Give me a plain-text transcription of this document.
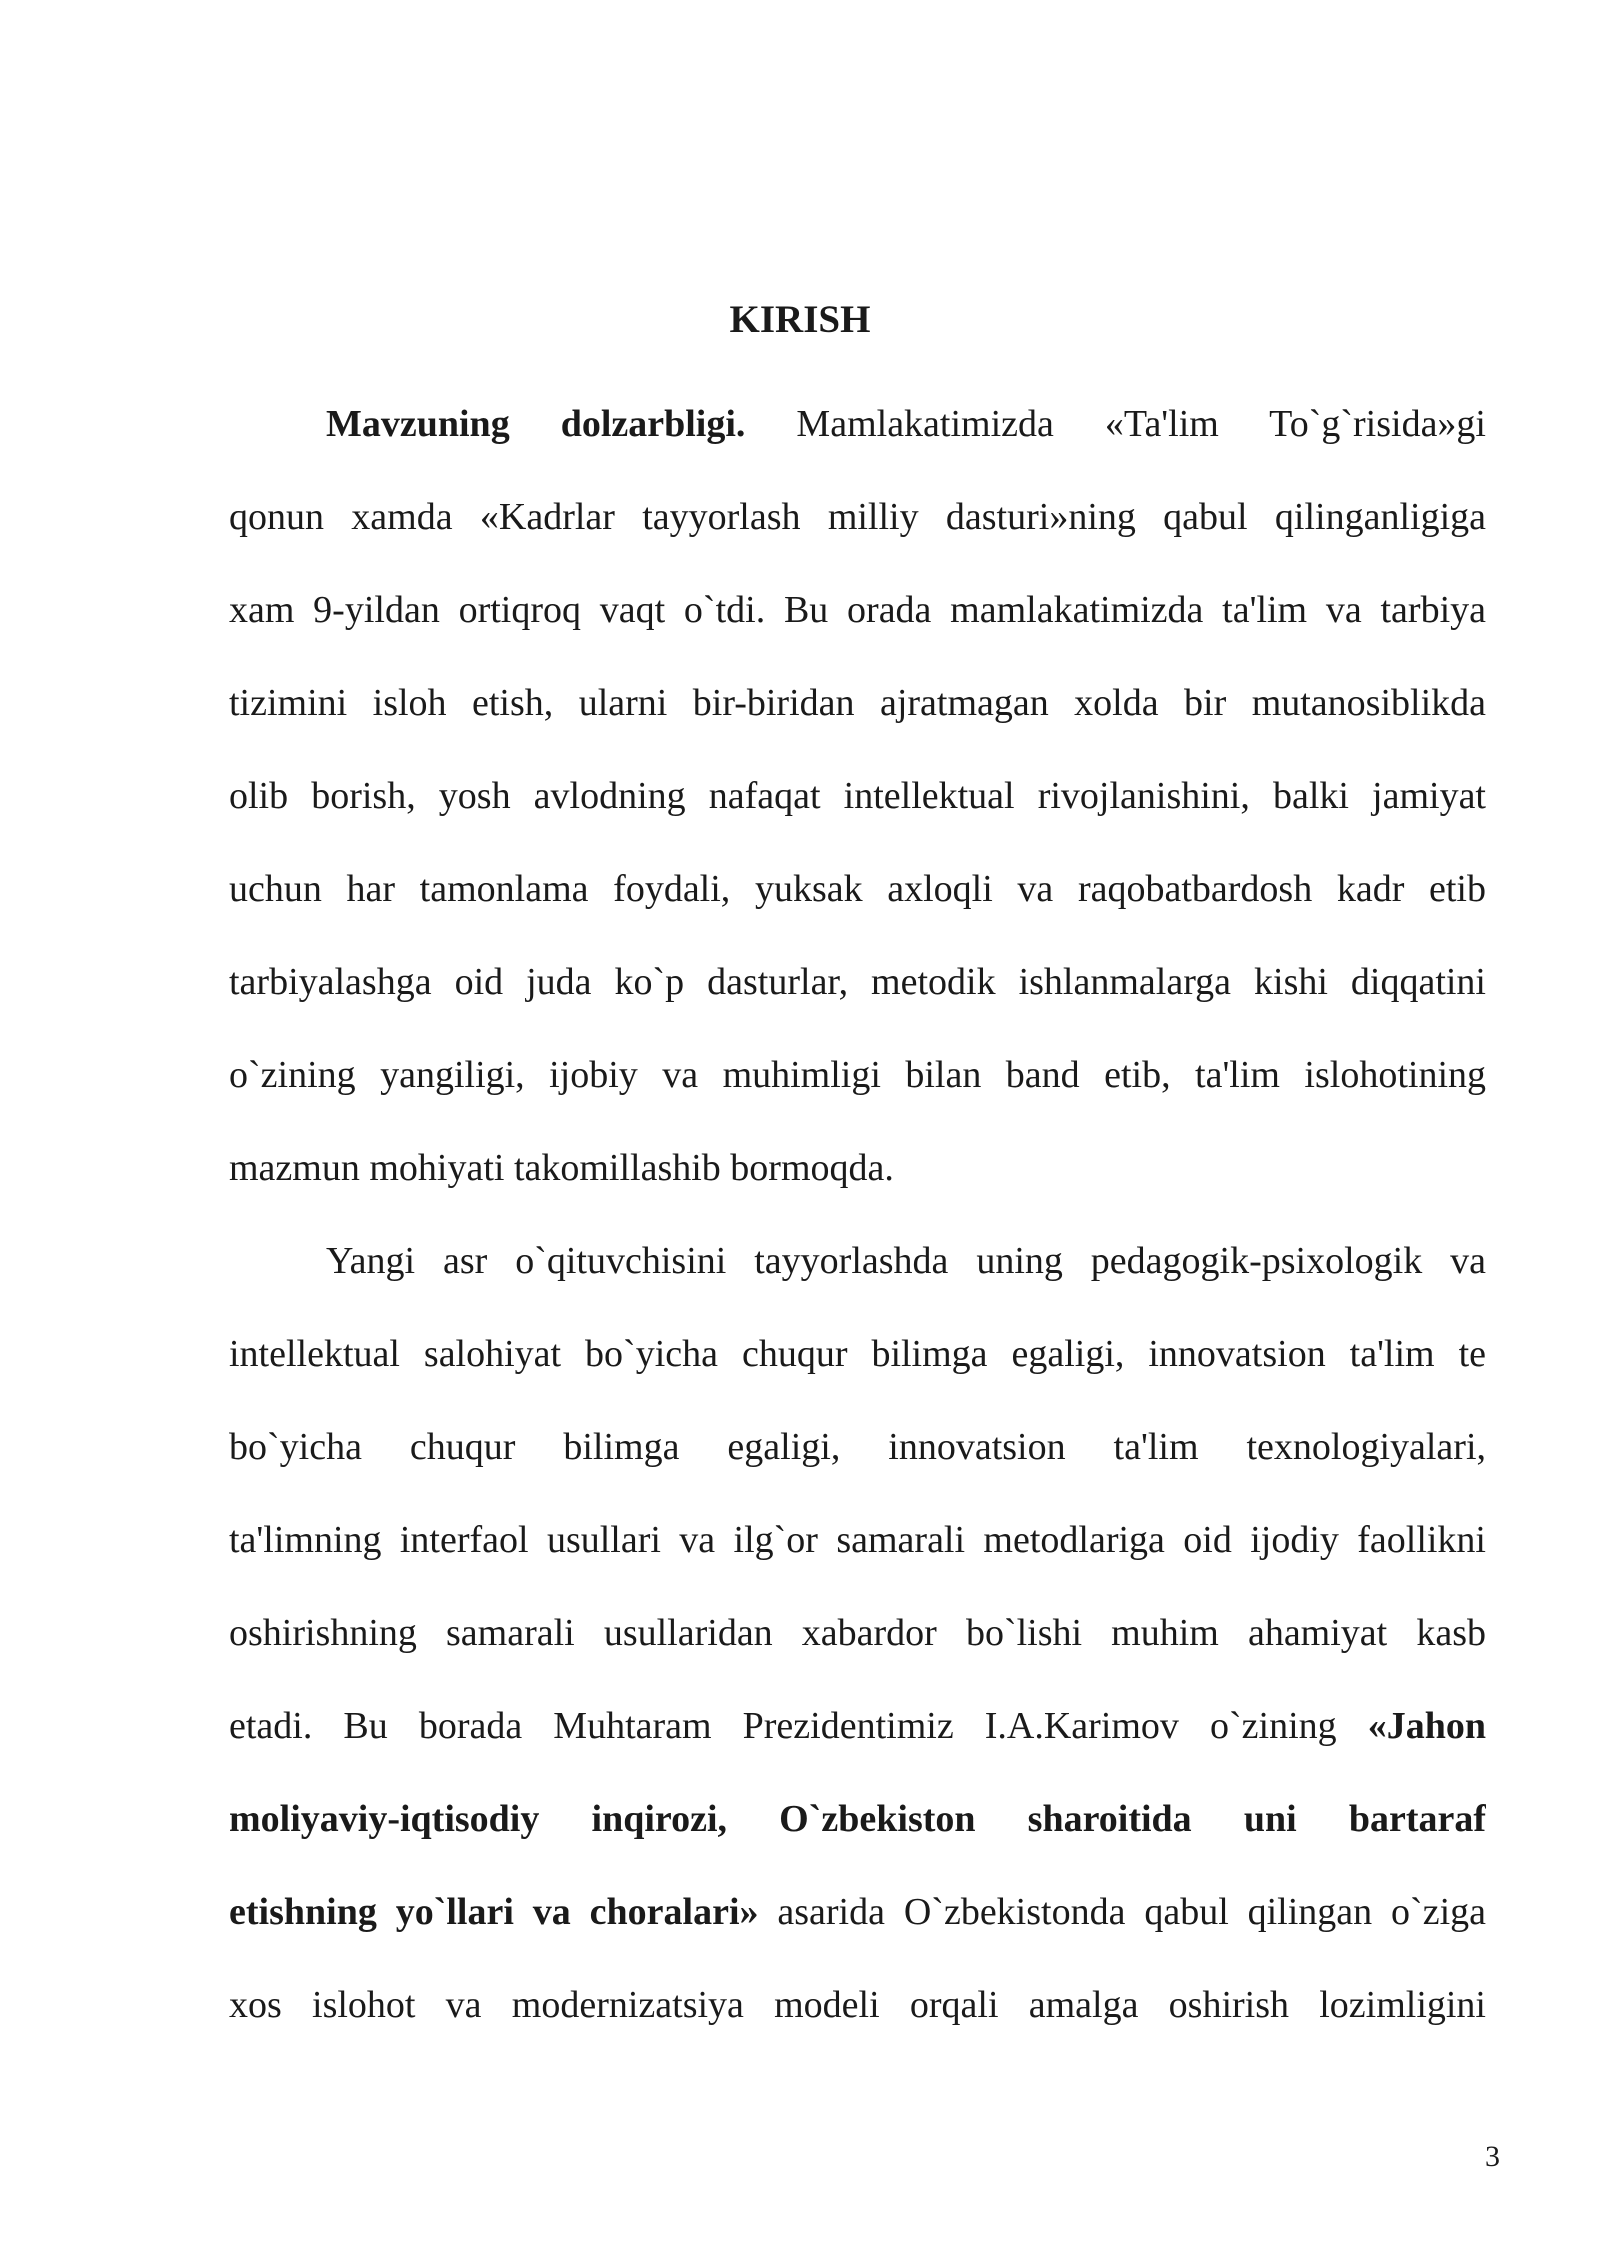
KIRISH
Mavzuning dolzarbligi. Mamlakatimizda «Ta'lim To`g`risida»gi
qonun xamda «Kadrlar tayyorlash milliy dasturi»ning qabul qilinganligiga
xam 9-yildan ortiqroq vaqt o`tdi. Bu orada mamlakatimizda ta'lim va tarbiya
tizimini isloh etish, ularni bir-biridan ajratmagan xolda bir mutanosiblikda
olib borish, yosh avlodning nafaqat intellektual rivojlanishini, balki jamiyat
uchun har tamonlama foydali, yuksak axloqli va raqobatbardosh kadr etib
tarbiyalashga oid juda ko`p dasturlar, metodik ishlanmalarga kishi diqqatini
o`zining yangiligi, ijobiy va muhimligi bilan band etib, ta'lim islohotining
mazmun mohiyati takomillashib bormoqda.
Yangi asr o`qituvchisini tayyorlashda uning pedagogik-psixologik va
intellektual salohiyat bo`yicha chuqur bilimga egaligi, innovatsion ta'lim te
bo`yicha chuqur bilimga egaligi, innovatsion ta'lim texnologiyalari,
ta'limning interfaol usullari va ilg`or samarali metodlariga oid ijodiy faollikni
oshirishning samarali usullaridan xabardor bo`lishi muhim ahamiyat kasb
etadi. Bu borada Muhtaram Prezidentimiz I.A.Karimov o`zining «Jahon
moliyaviy-iqtisodiy inqirozi, O`zbekiston sharoitida uni bartaraf
etishning yo`llari va choralari» asarida O`zbekistonda qabul qilingan o`ziga
xos islohot va modernizatsiya modeli orqali amalga oshirish lozimligini
3
